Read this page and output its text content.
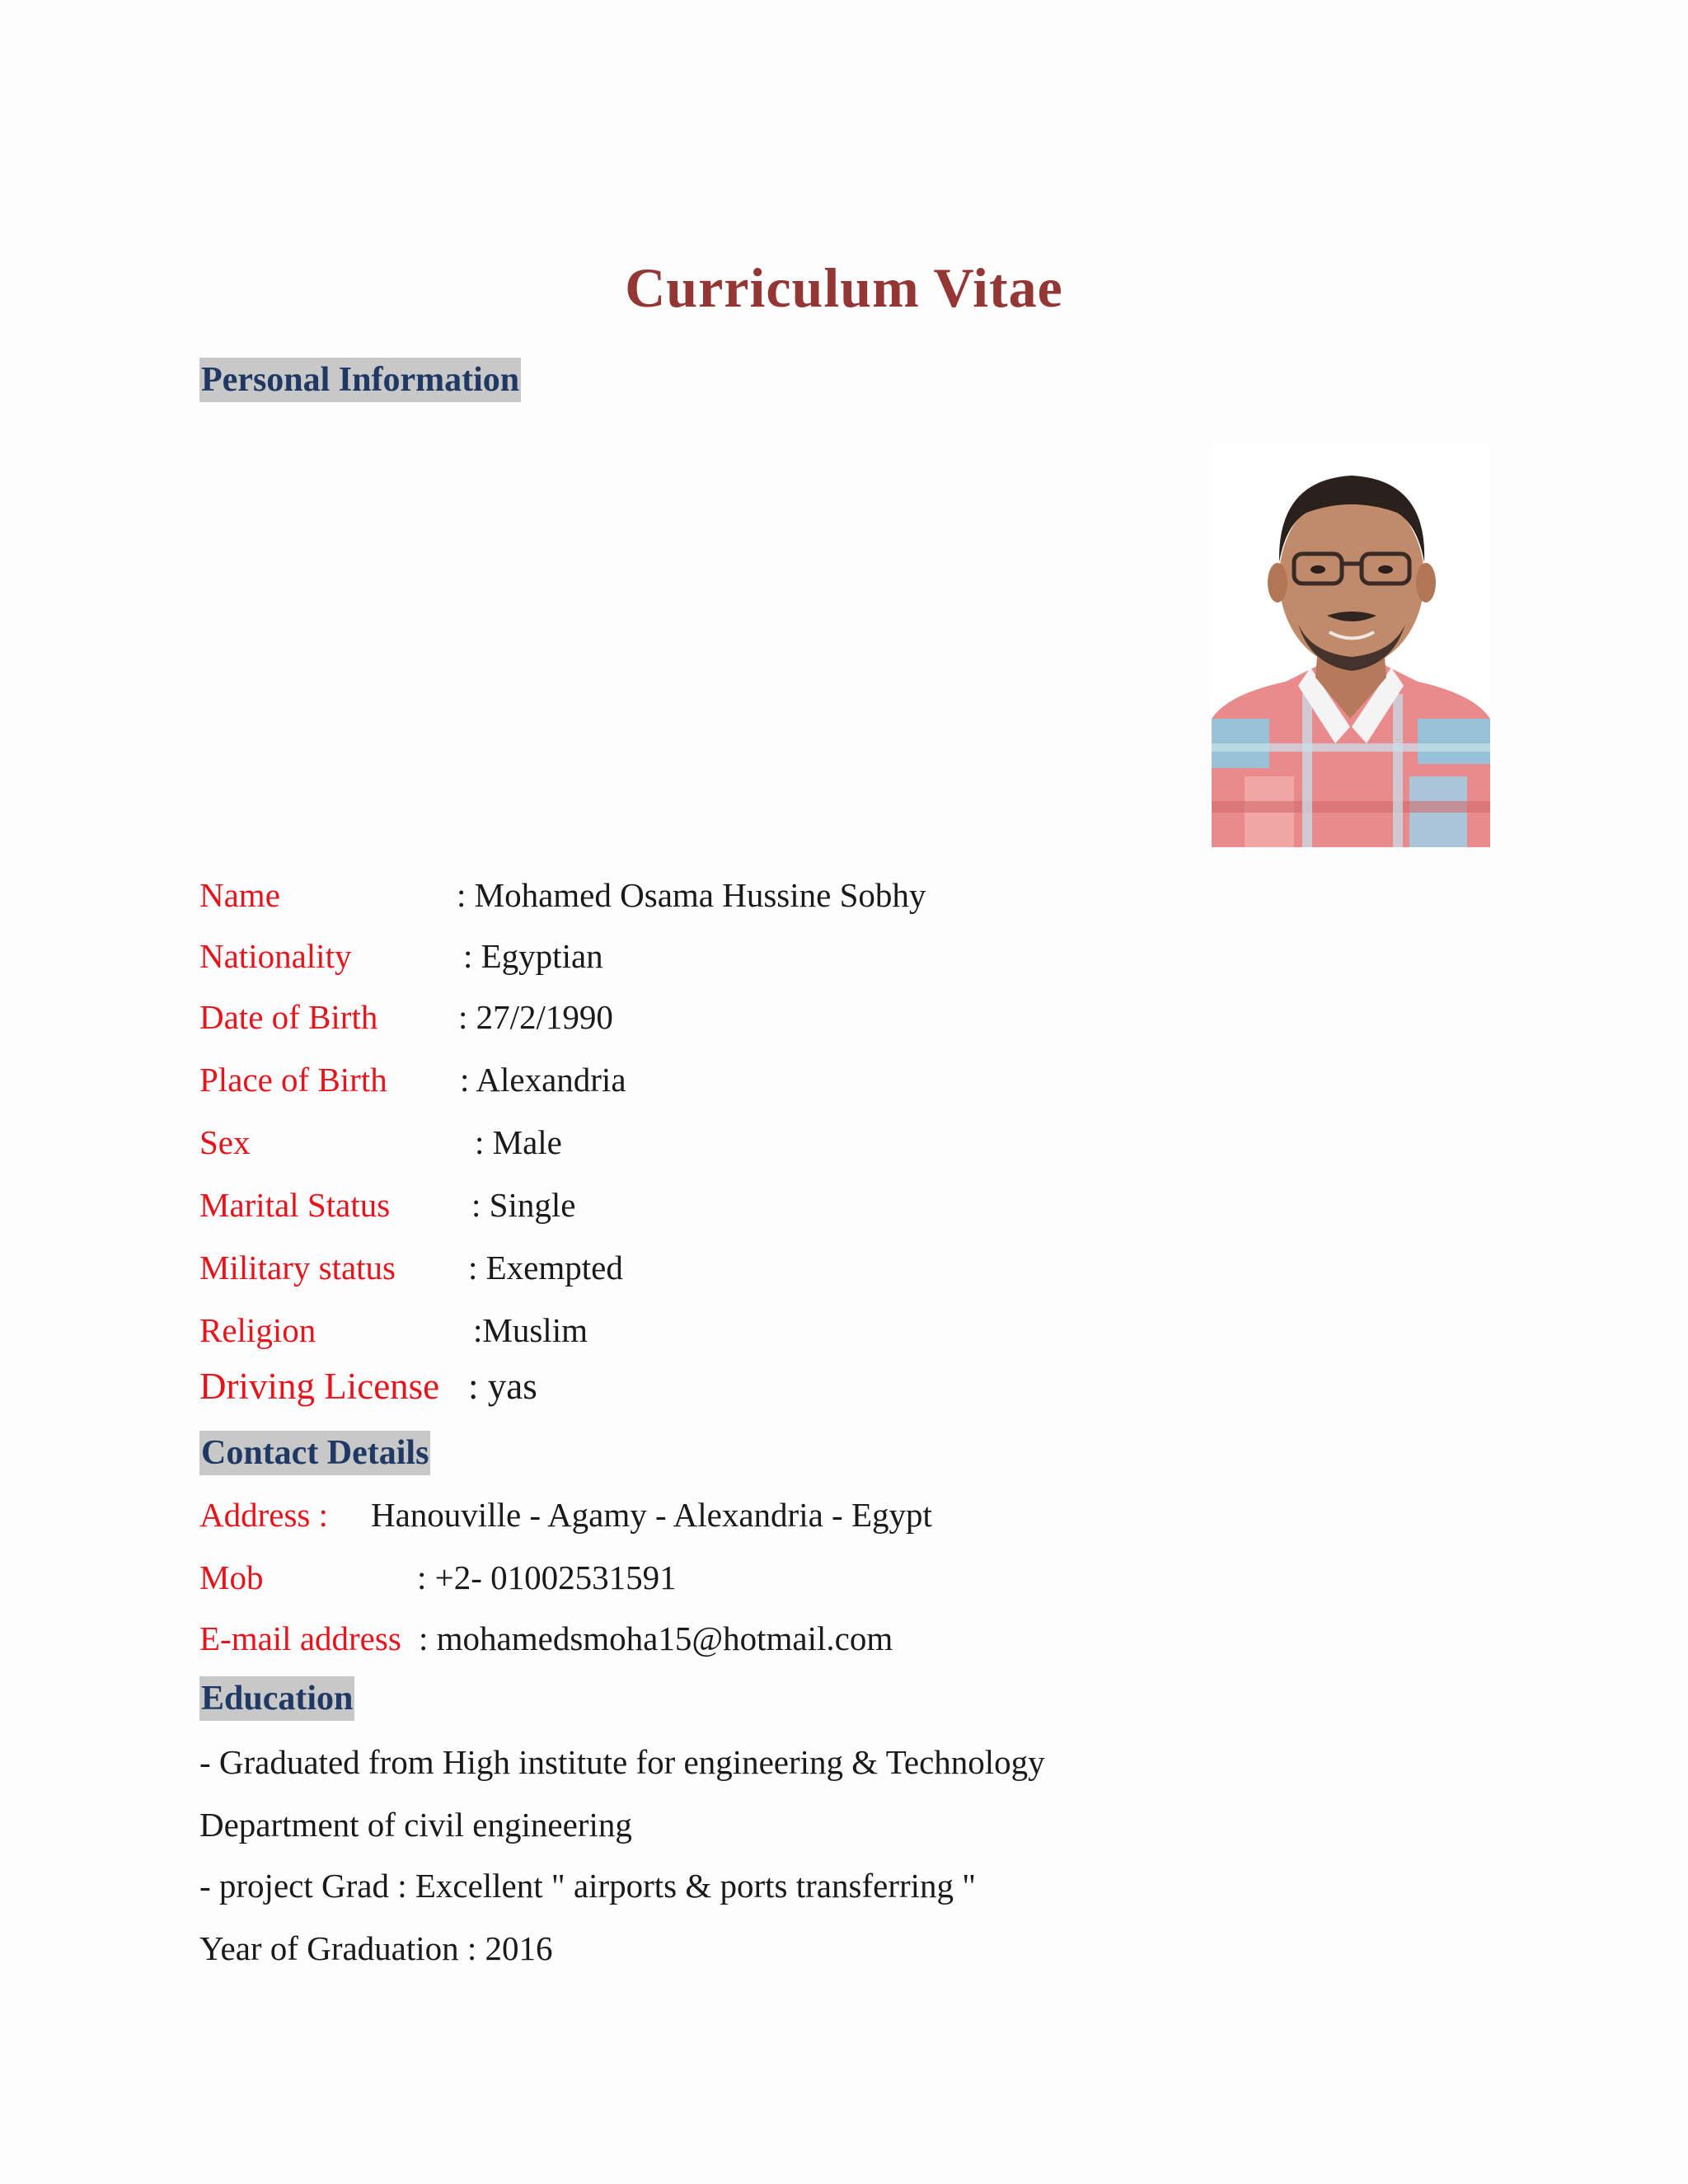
Curriculum Vitae
Personal Information
Name	: Mohamed Osama Hussine Sobhy
Nationality	: Egyptian
Date of Birth : 27/2/1990
Place of Birth : Alexandria
Sex	: Male
Marital Status : Single
Military status : Exempted
Religion	:Muslim
Driving License : yas
Contact Details
Address : Hanouville - Agamy - Alexandria - Egypt
Mob	: +2- 01002531591
E-mail address : mohamedsmoha15@hotmail.com
Education
- Graduated from High institute for engineering & Technology
Department of civil engineering
- project Grad : Excellent " airports & ports transferring "
Year of Graduation : 2016
